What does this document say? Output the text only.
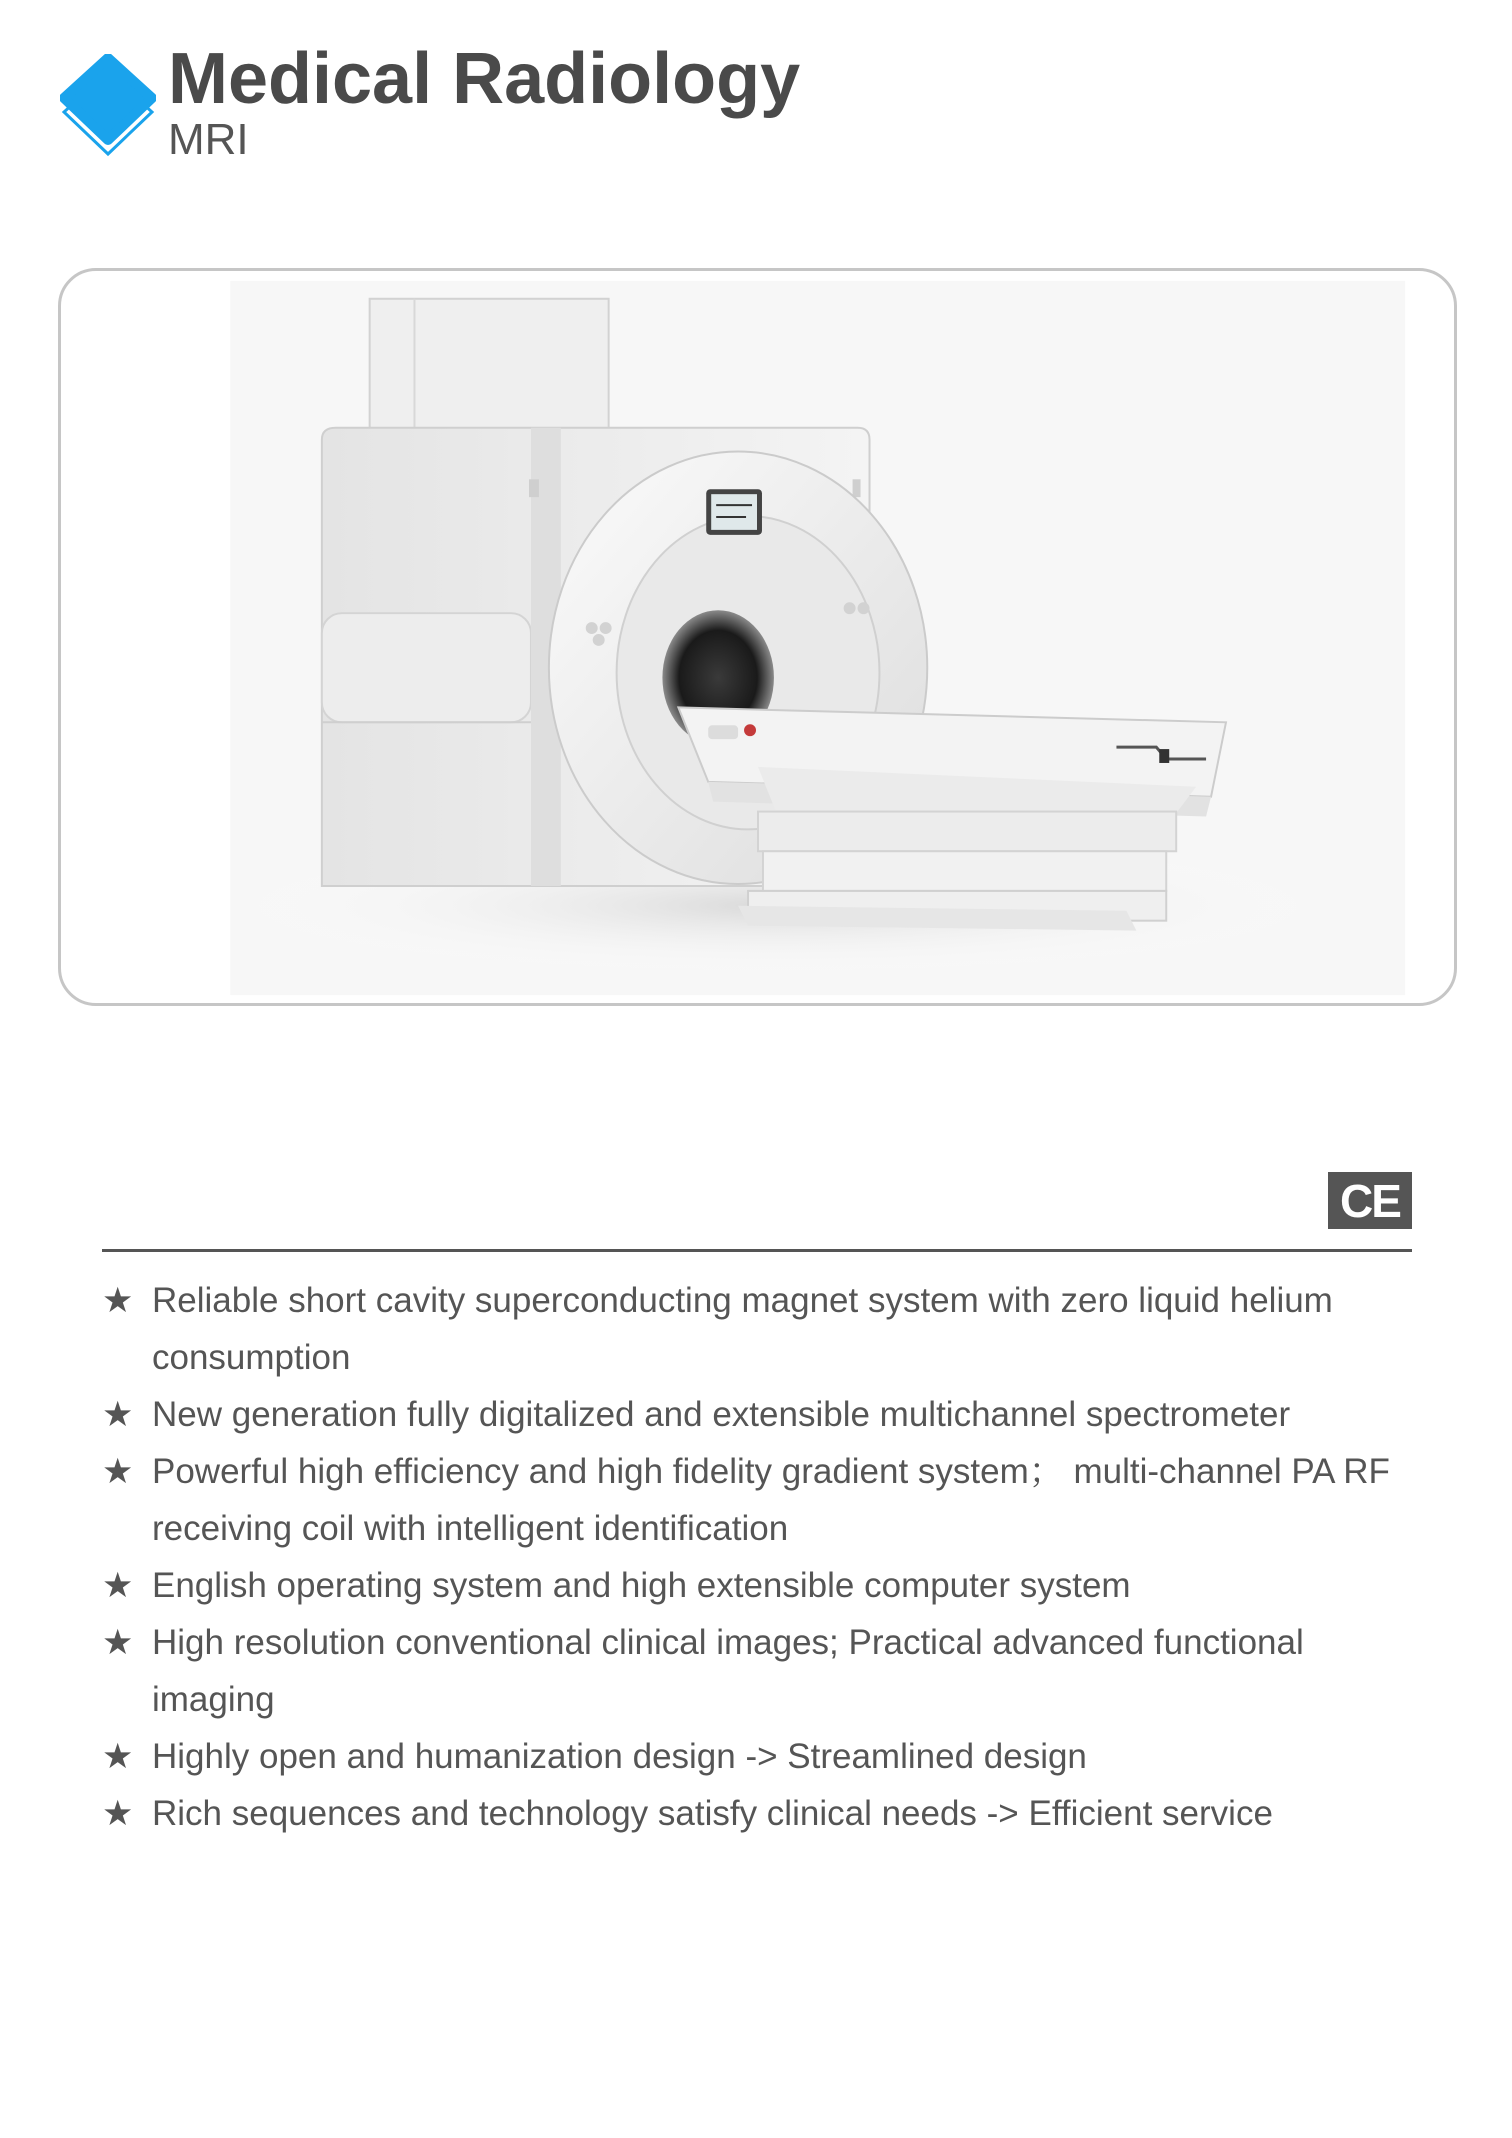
Medical Radiology
MRI
CE
★ Reliable short cavity superconducting magnet system with zero liquid helium consumption
★ New generation fully digitalized and extensible multichannel spectrometer
★ Powerful high efficiency and high fidelity gradient system； multi-channel PA RF receiving coil with intelligent identification
★ English operating system and high extensible computer system
★ High resolution conventional clinical images; Practical advanced functional imaging
★ Highly open and humanization design -> Streamlined design
★ Rich sequences and technology satisfy clinical needs -> Efficient service
